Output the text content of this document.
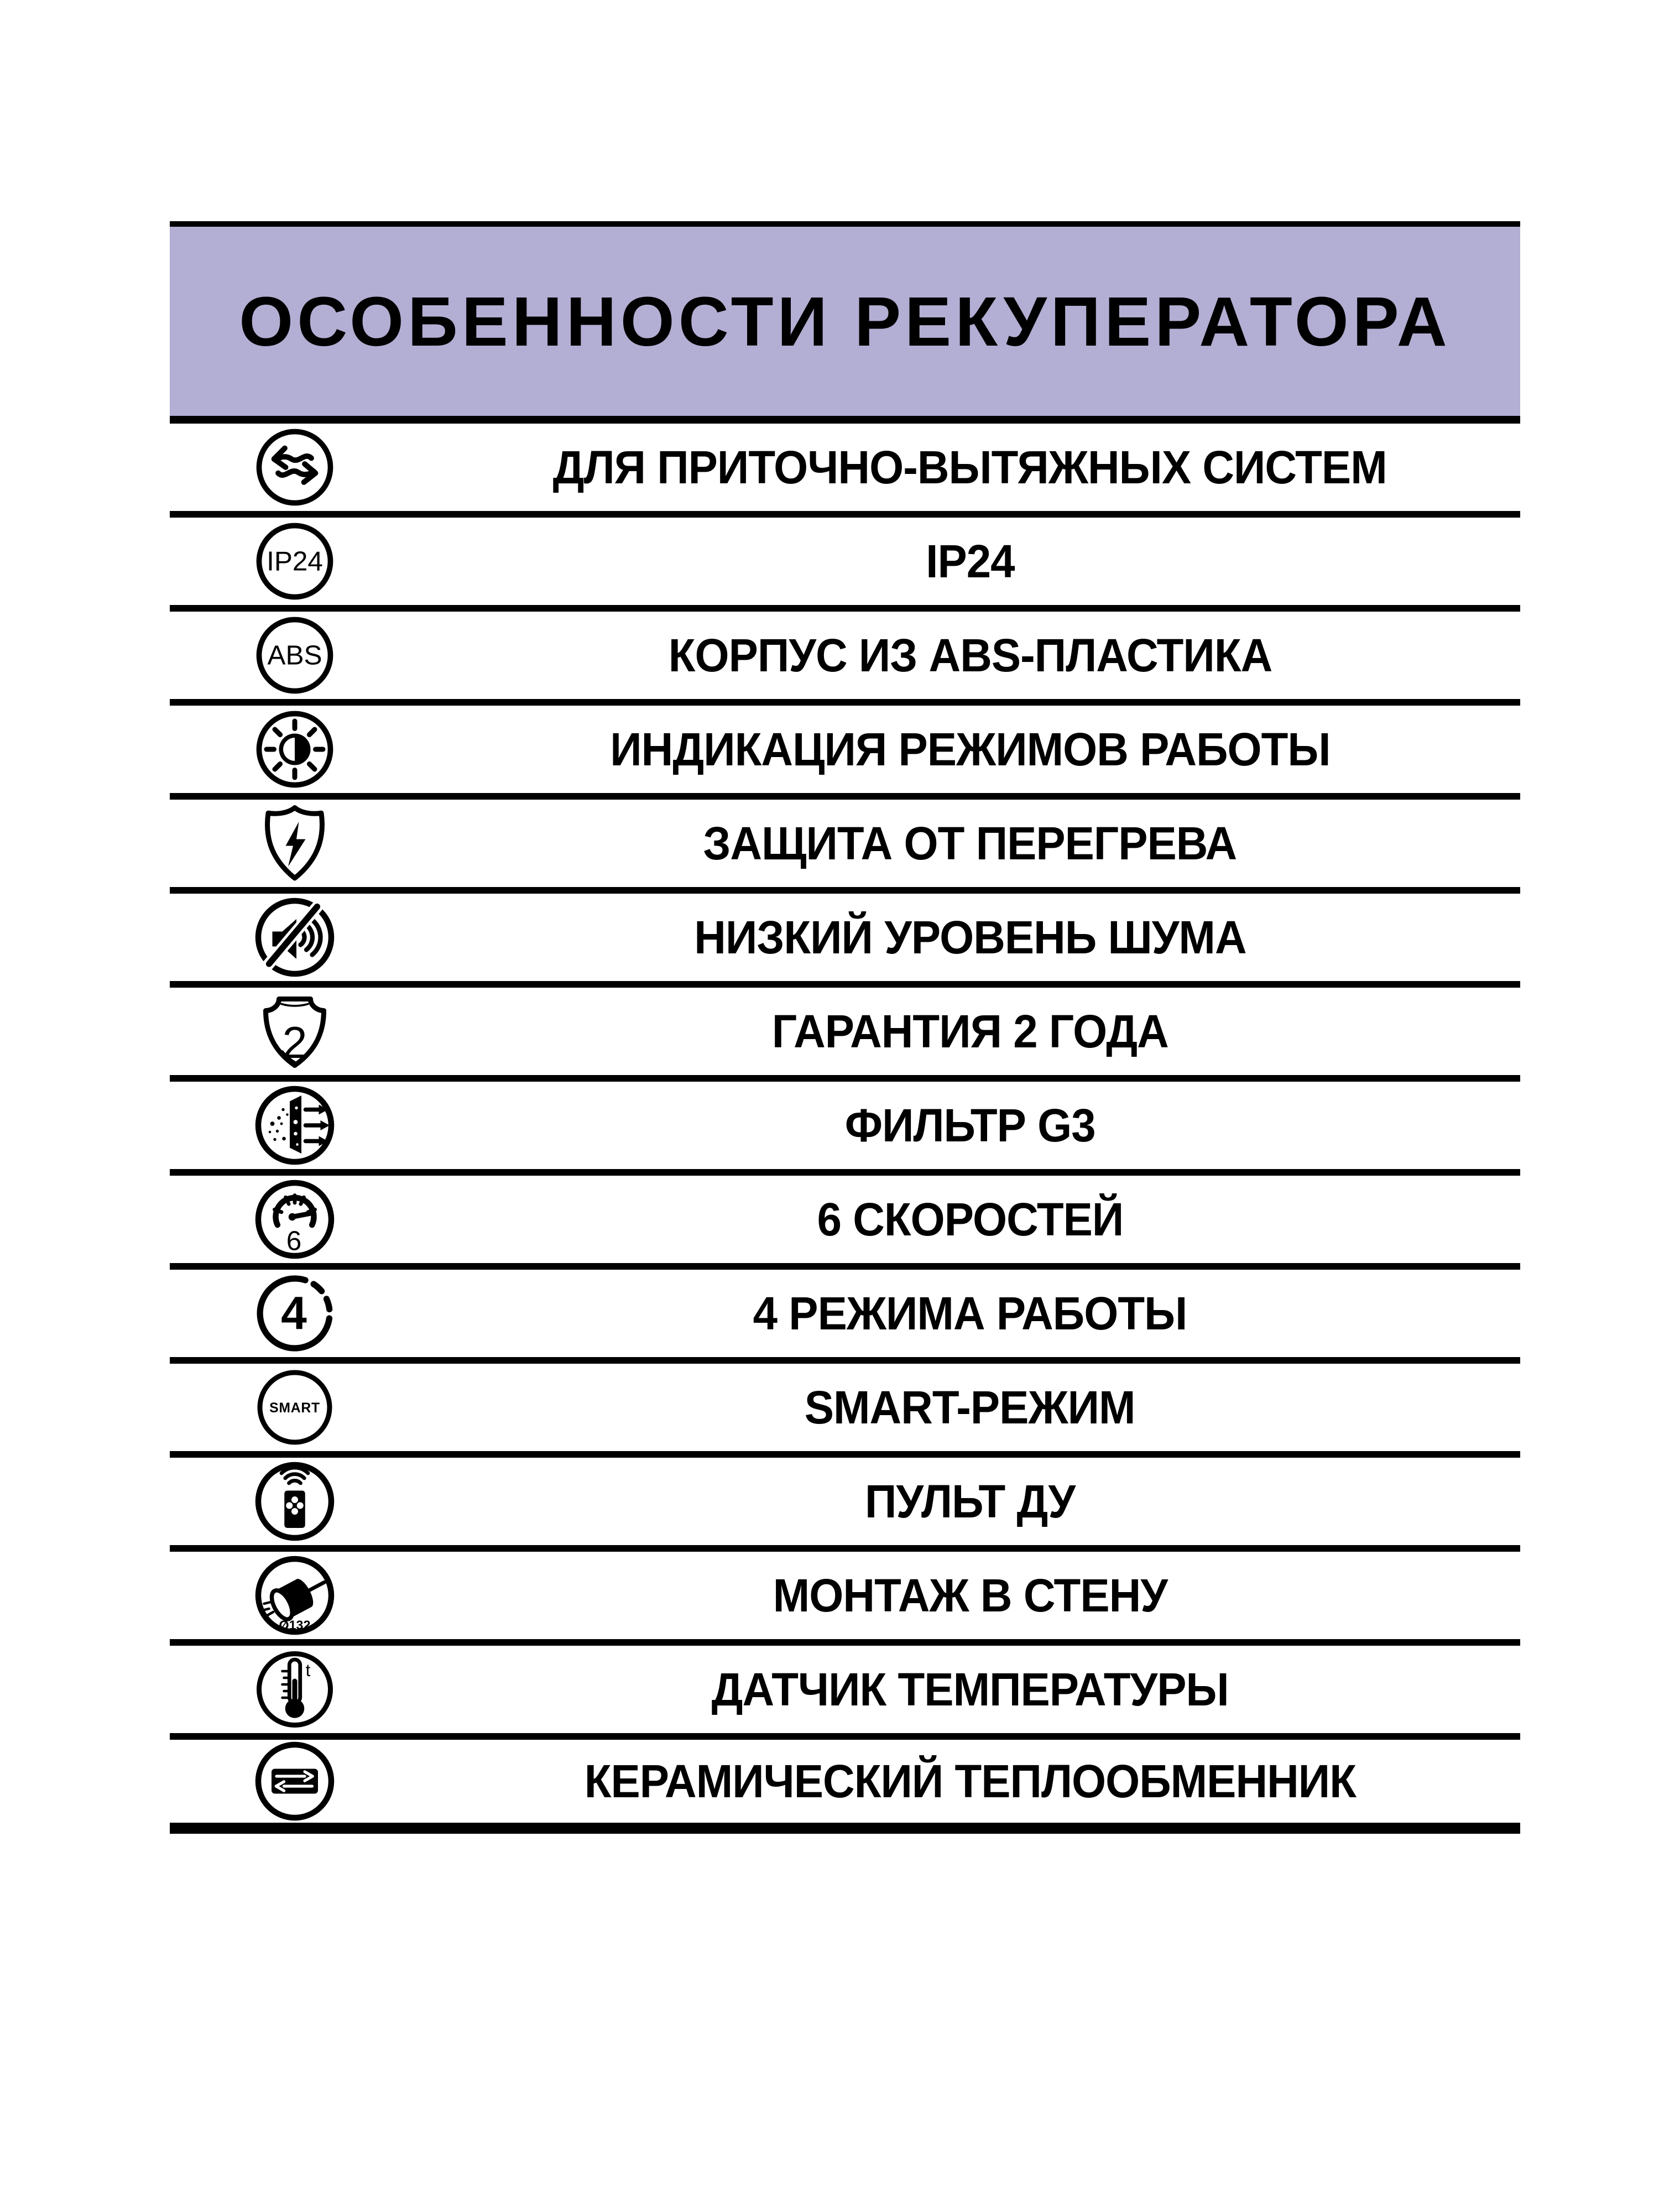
ОСОБЕННОСТИ РЕКУПЕРАТОРА
ДЛЯ ПРИТОЧНО-ВЫТЯЖНЫХ СИСТЕМ
IP24	IP24
ABS	КОРПУС ИЗ ABS-ПЛАСТИКА
ИНДИКАЦИЯ РЕЖИМОВ РАБОТЫ
ЗАЩИТА ОТ ПЕРЕГРЕВА
НИЗКИЙ УРОВЕНЬ ШУМА
2	ГАРАНТИЯ 2 ГОДА
ФИЛЬТР G3
6	6 СКОРОСТЕЙ
4	4 РЕЖИМА РАБОТЫ
SMART	SMART-РЕЖИМ
ПУЛЬТ ДУ
Ø132
МОНТАЖ В СТЕНУ
t	ДАТЧИК ТЕМПЕРАТУРЫ
КЕРАМИЧЕСКИЙ ТЕПЛООБМЕННИК
